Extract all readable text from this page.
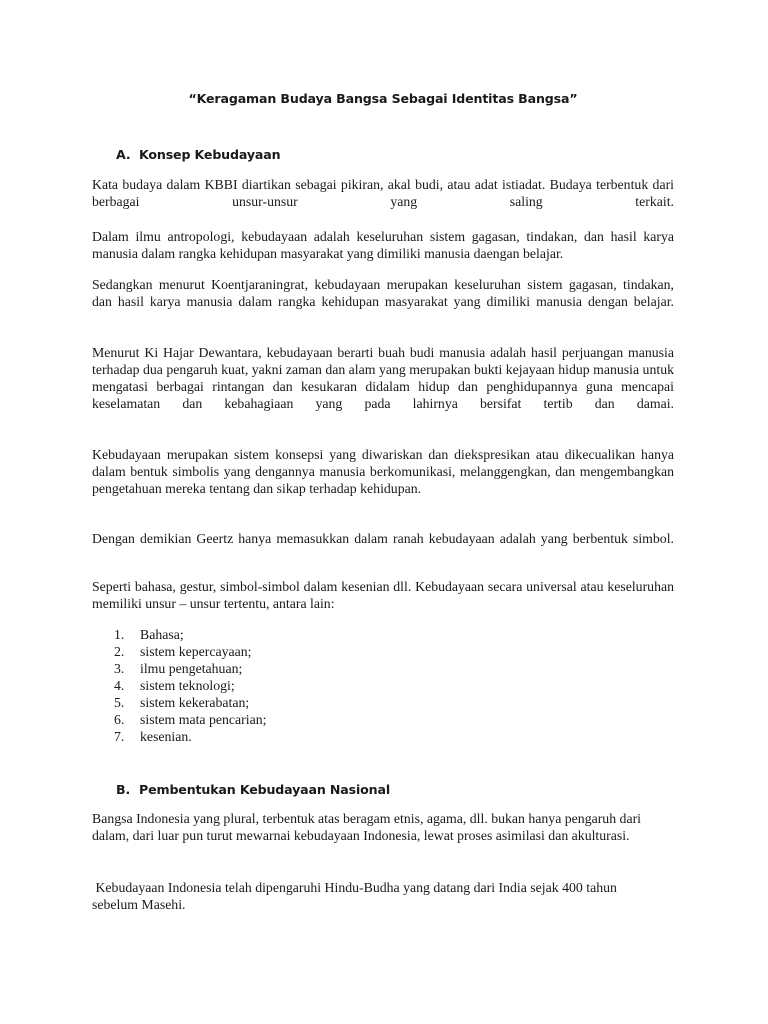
“Keragaman Budaya Bangsa Sebagai Identitas Bangsa”
A. Konsep Kebudayaan

Kata budaya dalam KBBI diartikan sebagai pikiran, akal budi, atau adat istiadat. Budaya terbentuk dari berbagai unsur-unsur yang saling terkait.

Dalam ilmu antropologi, kebudayaan adalah keseluruhan sistem gagasan, tindakan, dan hasil karya manusia dalam rangka kehidupan masyarakat yang dimiliki manusia daengan belajar.

Sedangkan menurut Koentjaraningrat, kebudayaan merupakan keseluruhan sistem gagasan, tindakan, dan hasil karya manusia dalam rangka kehidupan masyarakat yang dimiliki manusia dengan belajar.

Menurut Ki Hajar Dewantara, kebudayaan berarti buah budi manusia adalah hasil perjuangan manusia terhadap dua pengaruh kuat, yakni zaman dan alam yang merupakan bukti kejayaan hidup manusia untuk mengatasi berbagai rintangan dan kesukaran didalam hidup dan penghidupannya guna mencapai keselamatan dan kebahagiaan yang pada lahirnya bersifat tertib dan damai.

Kebudayaan merupakan sistem konsepsi yang diwariskan dan diekspresikan atau dikecualikan hanya dalam bentuk simbolis yang dengannya manusia berkomunikasi, melanggengkan, dan mengembangkan pengetahuan mereka tentang dan sikap terhadap kehidupan.

Dengan demikian Geertz hanya memasukkan dalam ranah kebudayaan adalah yang berbentuk simbol.

Seperti bahasa, gestur, simbol-simbol dalam kesenian dll. Kebudayaan secara universal atau keseluruhan memiliki unsur – unsur tertentu, antara lain:

1. Bahasa;
2. sistem kepercayaan;
3. ilmu pengetahuan;
4. sistem teknologi;
5. sistem kekerabatan;
6. sistem mata pencarian;
7. kesenian.
B. Pembentukan Kebudayaan Nasional

Bangsa Indonesia yang plural, terbentuk atas beragam etnis, agama, dll. bukan hanya pengaruh dari dalam, dari luar pun turut mewarnai kebudayaan Indonesia, lewat proses asimilasi dan akulturasi.

Kebudayaan Indonesia telah dipengaruhi Hindu-Budha yang datang dari India sejak 400 tahun sebelum Masehi.
